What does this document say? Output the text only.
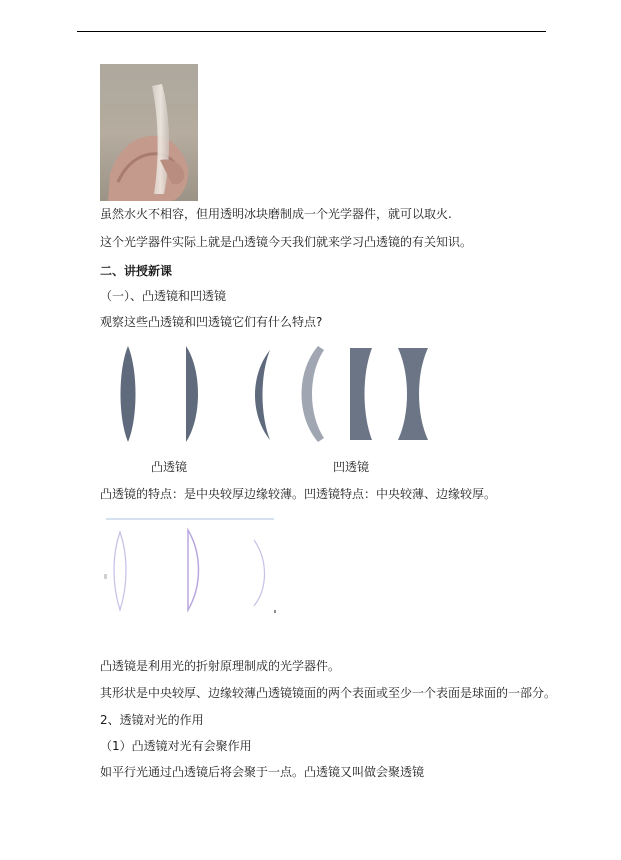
虽然水火不相容，但用透明冰块磨制成一个光学器件，就可以取火.
这个光学器件实际上就是凸透镜今天我们就来学习凸透镜的有关知识。
二、讲授新课
（一）、凸透镜和凹透镜
观察这些凸透镜和凹透镜它们有什么特点?
凸透镜	凹透镜
凸透镜的特点：是中央较厚边缘较薄。凹透镜特点：中央较薄、边缘较厚。
凸透镜是利用光的折射原理制成的光学器件。
其形状是中央较厚、边缘较薄凸透镜镜面的两个表面或至少一个表面是球面的一部分。
2、透镜对光的作用
（1）凸透镜对光有会聚作用
如平行光通过凸透镜后将会聚于一点。凸透镜又叫做会聚透镜
